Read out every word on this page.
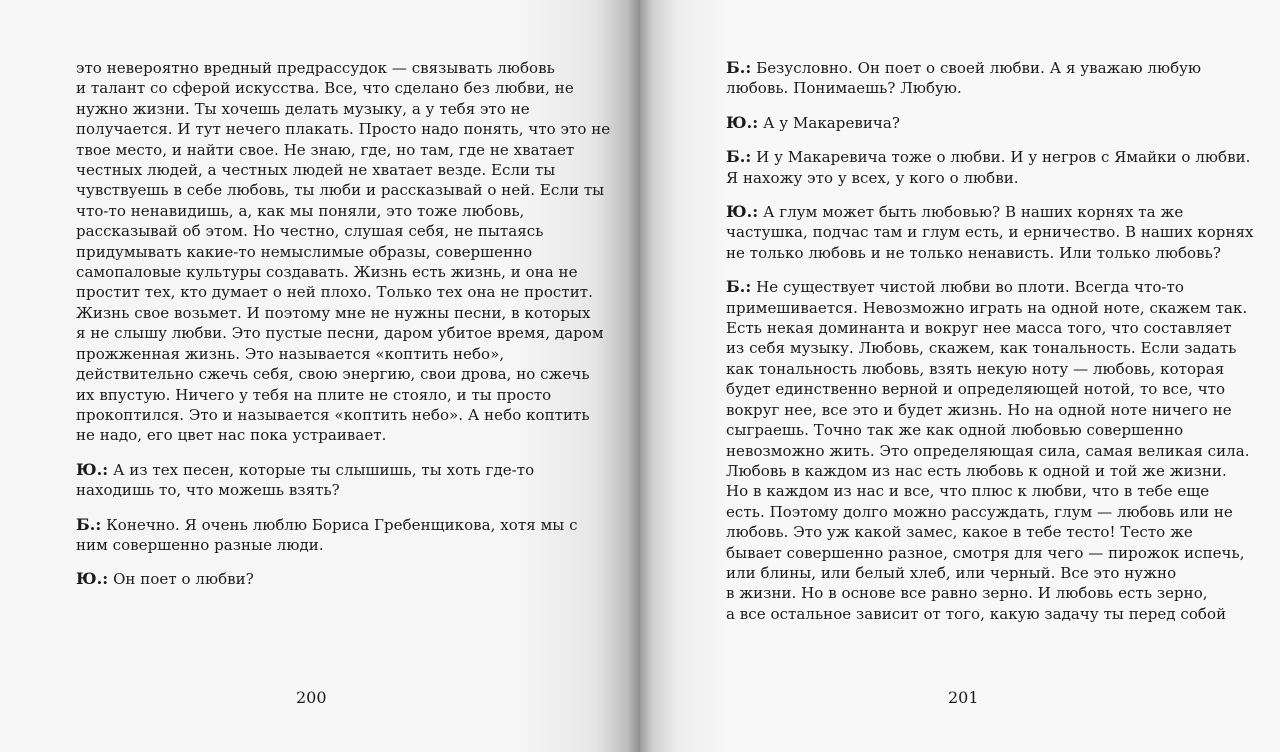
это невероятно вредный предрассудок — связывать любовь
и талант со сферой искусства. Все, что сделано без любви, не
нужно жизни. Ты хочешь делать музыку, а у тебя это не
получается. И тут нечего плакать. Просто надо понять, что это не
твое место, и найти свое. Не знаю, где, но там, где не хватает
честных людей, а честных людей не хватает везде. Если ты
чувствуешь в себе любовь, ты люби и рассказывай о ней. Если ты
что-то ненавидишь, а, как мы поняли, это тоже любовь,
рассказывай об этом. Но честно, слушая себя, не пытаясь
придумывать какие-то немыслимые образы, совершенно
самопаловые культуры создавать. Жизнь есть жизнь, и она не
простит тех, кто думает о ней плохо. Только тех она не простит.
Жизнь свое возьмет. И поэтому мне не нужны песни, в которых
я не слышу любви. Это пустые песни, даром убитое время, даром
прожженная жизнь. Это называется «коптить небо»,
действительно сжечь себя, свою энергию, свои дрова, но сжечь
их впустую. Ничего у тебя на плите не стояло, и ты просто
прокоптился. Это и называется «коптить небо». А небо коптить
не надо, его цвет нас пока устраивает.
Ю.: А из тех песен, которые ты слышишь, ты хоть где-то
находишь то, что можешь взять?
Б.: Конечно. Я очень люблю Бориса Гребенщикова, хотя мы с
ним совершенно разные люди.
Ю.: Он поет о любви?
200
Б.: Безусловно. Он поет о своей любви. А я уважаю любую
любовь. Понимаешь? Любую.
Ю.: А у Макаревича?
Б.: И у Макаревича тоже о любви. И у негров с Ямайки о любви.
Я нахожу это у всех, у кого о любви.
Ю.: А глум может быть любовью? В наших корнях та же
частушка, подчас там и глум есть, и ерничество. В наших корнях
не только любовь и не только ненависть. Или только любовь?
Б.: Не существует чистой любви во плоти. Всегда что-то
примешивается. Невозможно играть на одной ноте, скажем так.
Есть некая доминанта и вокруг нее масса того, что составляет
из себя музыку. Любовь, скажем, как тональность. Если задать
как тональность любовь, взять некую ноту — любовь, которая
будет единственно верной и определяющей нотой, то все, что
вокруг нее, все это и будет жизнь. Но на одной ноте ничего не
сыграешь. Точно так же как одной любовью совершенно
невозможно жить. Это определяющая сила, самая великая сила.
Любовь в каждом из нас есть любовь к одной и той же жизни.
Но в каждом из нас и все, что плюс к любви, что в тебе еще
есть. Поэтому долго можно рассуждать, глум — любовь или не
любовь. Это уж какой замес, какое в тебе тесто! Тесто же
бывает совершенно разное, смотря для чего — пирожок испечь,
или блины, или белый хлеб, или черный. Все это нужно
в жизни. Но в основе все равно зерно. И любовь есть зерно,
а все остальное зависит от того, какую задачу ты перед собой
201
